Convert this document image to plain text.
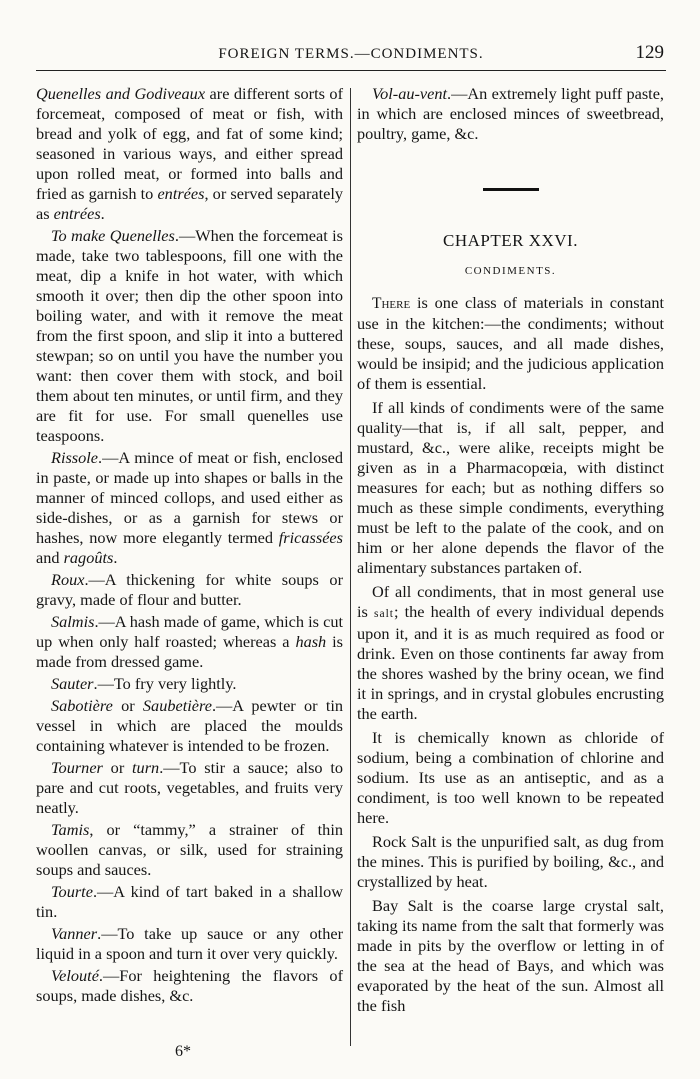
FOREIGN TERMS.—CONDIMENTS.	129

Quenelles and Godiveaux are different sorts of forcemeat, composed of meat or fish, with bread and yolk of egg, and fat of some kind; seasoned in various ways, and either spread upon rolled meat, or formed into balls and fried as garnish to entrées, or served separately as entrées.

To make Quenelles.—When the forcemeat is made, take two tablespoons, fill one with the meat, dip a knife in hot water, with which smooth it over; then dip the other spoon into boiling water, and with it remove the meat from the first spoon, and slip it into a buttered stewpan; so on until you have the number you want: then cover them with stock, and boil them about ten minutes, or until firm, and they are fit for use. For small quenelles use teaspoons.

Rissole.—A mince of meat or fish, enclosed in paste, or made up into shapes or balls in the manner of minced collops, and used either as side-dishes, or as a garnish for stews or hashes, now more elegantly termed fricassées and ragoûts.

Roux.—A thickening for white soups or gravy, made of flour and butter.

Salmis.—A hash made of game, which is cut up when only half roasted; whereas a hash is made from dressed game.

Sauter.—To fry very lightly.

Sabotière or Saubetière.—A pewter or tin vessel in which are placed the moulds containing whatever is intended to be frozen.

Tourner or turn.—To stir a sauce; also to pare and cut roots, vegetables, and fruits very neatly.

Tamis, or “tammy,” a strainer of thin woollen canvas, or silk, used for straining soups and sauces.

Tourte.—A kind of tart baked in a shallow tin.

Vanner.—To take up sauce or any other liquid in a spoon and turn it over very quickly.

Velouté.—For heightening the flavors of soups, made dishes, &c.

6*

Vol-au-vent.—An extremely light puff paste, in which are enclosed minces of sweetbread, poultry, game, &c.

CHAPTER XXVI.
CONDIMENTS.

There is one class of materials in constant use in the kitchen:—the condiments; without these, soups, sauces, and all made dishes, would be insipid; and the judicious application of them is essential.

If all kinds of condiments were of the same quality—that is, if all salt, pepper, and mustard, &c., were alike, receipts might be given as in a Pharmacopœia, with distinct measures for each; but as nothing differs so much as these simple condiments, everything must be left to the palate of the cook, and on him or her alone depends the flavor of the alimentary substances partaken of.

Of all condiments, that in most general use is salt; the health of every individual depends upon it, and it is as much required as food or drink. Even on those continents far away from the shores washed by the briny ocean, we find it in springs, and in crystal globules encrusting the earth.

It is chemically known as chloride of sodium, being a combination of chlorine and sodium. Its use as an antiseptic, and as a condiment, is too well known to be repeated here.

Rock Salt is the unpurified salt, as dug from the mines. This is purified by boiling, &c., and crystallized by heat.

Bay Salt is the coarse large crystal salt, taking its name from the salt that formerly was made in pits by the overflow or letting in of the sea at the head of Bays, and which was evaporated by the heat of the sun. Almost all the fish
